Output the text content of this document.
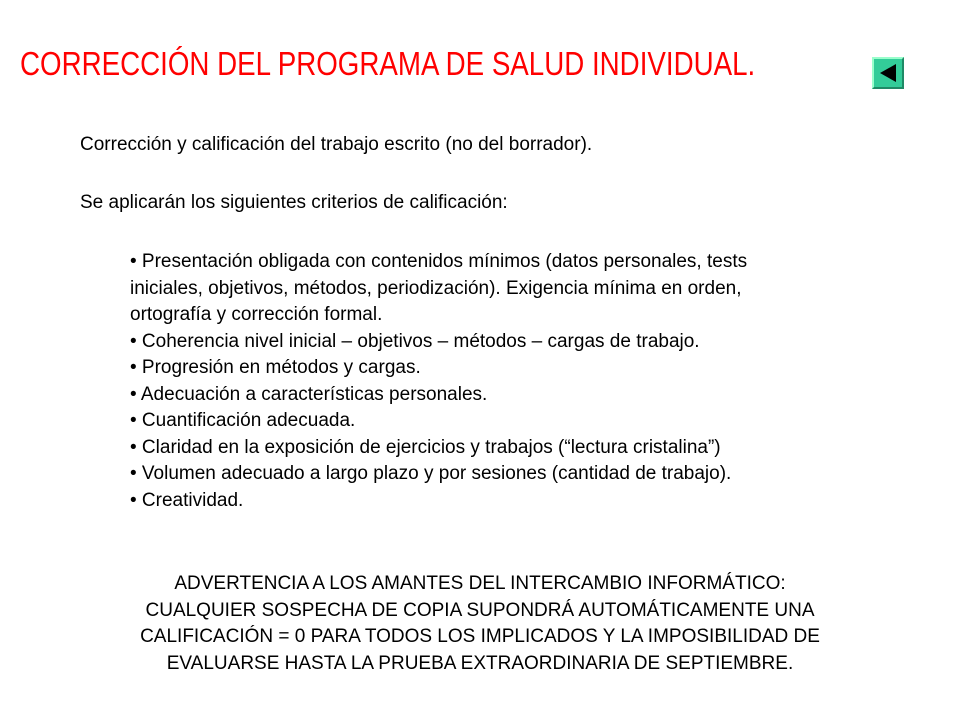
CORRECCIÓN DEL PROGRAMA DE SALUD INDIVIDUAL.
Corrección y calificación del trabajo escrito (no del borrador).
Se aplicarán los siguientes criterios de calificación:
• Presentación obligada con contenidos mínimos (datos personales, tests
iniciales, objetivos, métodos, periodización). Exigencia mínima en orden,
ortografía y corrección formal.
• Coherencia nivel inicial – objetivos – métodos – cargas de trabajo.
• Progresión en métodos y cargas.
• Adecuación a características personales.
• Cuantificación adecuada.
• Claridad en la exposición de ejercicios y trabajos (“lectura cristalina”)
• Volumen adecuado a largo plazo y por sesiones (cantidad de trabajo).
• Creatividad.
ADVERTENCIA A LOS AMANTES DEL INTERCAMBIO INFORMÁTICO:
CUALQUIER SOSPECHA DE COPIA SUPONDRÁ AUTOMÁTICAMENTE UNA
CALIFICACIÓN = 0 PARA TODOS LOS IMPLICADOS Y LA IMPOSIBILIDAD DE
EVALUARSE HASTA LA PRUEBA EXTRAORDINARIA DE SEPTIEMBRE.
